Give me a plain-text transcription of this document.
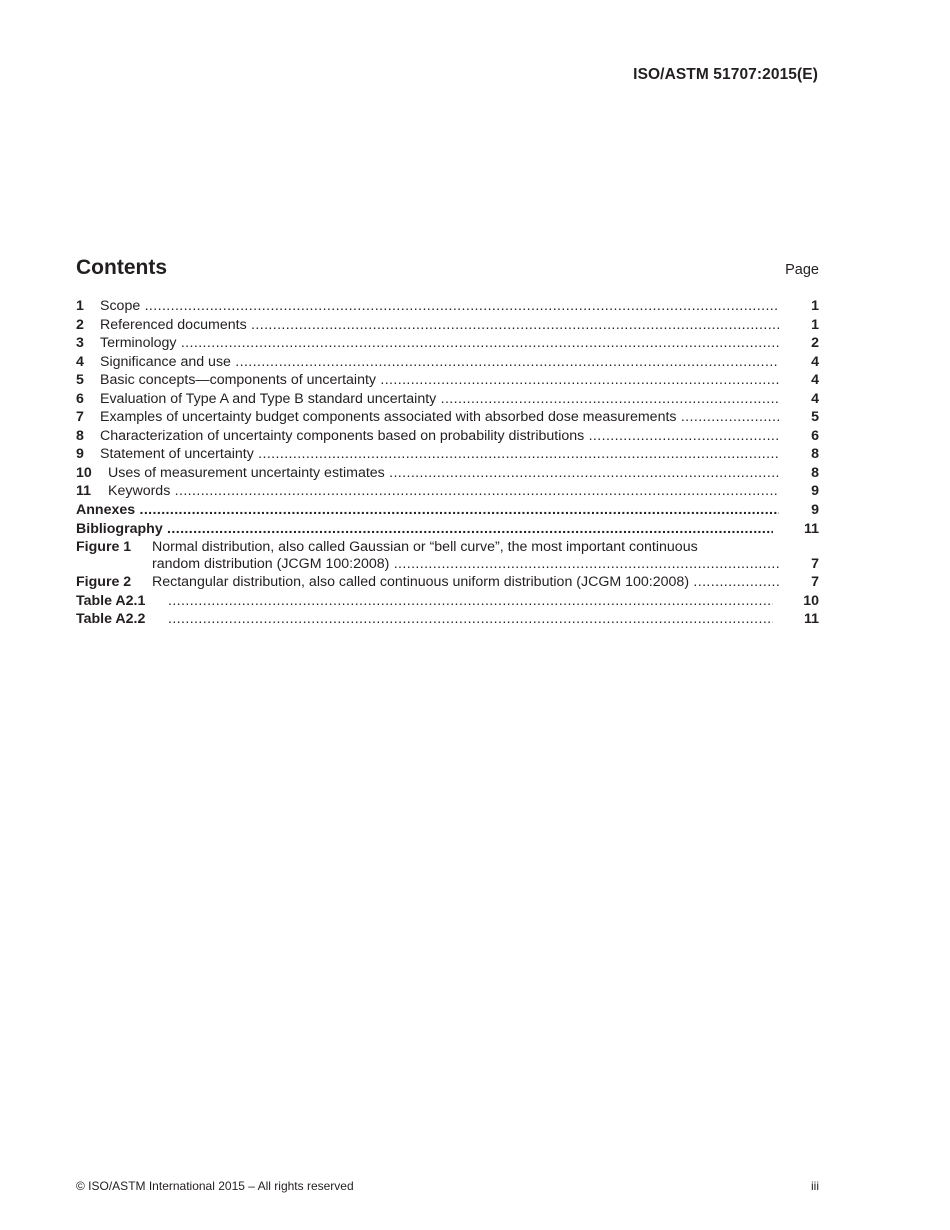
ISO/ASTM 51707:2015(E)
Contents	Page
1 Scope .....	1
2 Referenced documents .....	1
3 Terminology .....	2
4 Significance and use .....	4
5 Basic concepts—components of uncertainty .....	4
6 Evaluation of Type A and Type B standard uncertainty .....	4
7 Examples of uncertainty budget components associated with absorbed dose measurements .....	5
8 Characterization of uncertainty components based on probability distributions .....	6
9 Statement of uncertainty .....	8
10 Uses of measurement uncertainty estimates .....	8
11 Keywords .....	9
Annexes .....	9
Bibliography .....	11
Figure 1 Normal distribution, also called Gaussian or “bell curve”, the most important continuous
random distribution (JCGM 100:2008) .....	7
Figure 2 Rectangular distribution, also called continuous uniform distribution (JCGM 100:2008) .....	7
Table A2.1 .....	10
Table A2.2 .....	11
© ISO/ASTM International 2015 – All rights reserved	iii
